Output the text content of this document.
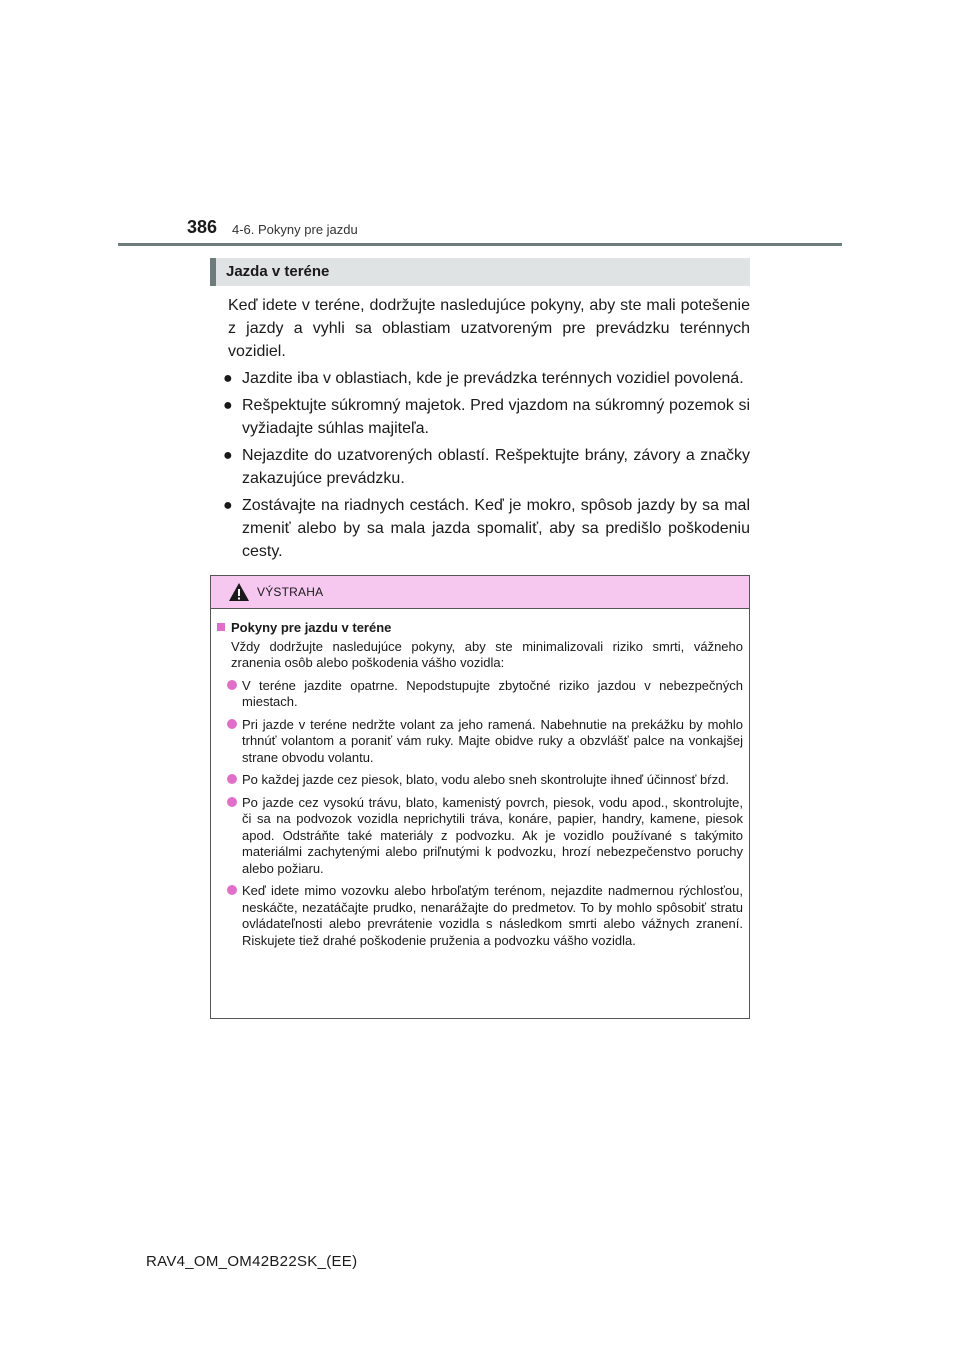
386 4-6. Pokyny pre jazdu
Jazda v teréne

Keď idete v teréne, dodržujte nasledujúce pokyny, aby ste mali potešenie z jazdy a vyhli sa oblastiam uzatvoreným pre prevádzku terénnych vozidiel.

● Jazdite iba v oblastiach, kde je prevádzka terénnych vozidiel povolená.
● Rešpektujte súkromný majetok. Pred vjazdom na súkromný pozemok si vyžiadajte súhlas majiteľa.
● Nejazdite do uzatvorených oblastí. Rešpektujte brány, závory a značky zakazujúce prevádzku.
● Zostávajte na riadnych cestách. Keď je mokro, spôsob jazdy by sa mal zmeniť alebo by sa mala jazda spomaliť, aby sa predišlo poškodeniu cesty.
VÝSTRAHA
Pokyny pre jazdu v teréne
Vždy dodržujte nasledujúce pokyny, aby ste minimalizovali riziko smrti, vážneho zranenia osôb alebo poškodenia vášho vozidla:
V teréne jazdite opatrne. Nepodstupujte zbytočné riziko jazdou v nebezpečných miestach.
Pri jazde v teréne nedržte volant za jeho ramená. Nabehnutie na prekážku by mohlo trhnúť volantom a poraniť vám ruky. Majte obidve ruky a obzvlášť palce na vonkajšej strane obvodu volantu.
Po každej jazde cez piesok, blato, vodu alebo sneh skontrolujte ihneď účinnosť bŕzd.
Po jazde cez vysokú trávu, blato, kamenistý povrch, piesok, vodu apod., skontrolujte, či sa na podvozok vozidla neprichytili tráva, konáre, papier, handry, kamene, piesok apod. Odstráňte také materiály z podvozku. Ak je vozidlo používané s takýmito materiálmi zachytenými alebo priľnutými k podvozku, hrozí nebezpečenstvo poruchy alebo požiaru.
Keď idete mimo vozovku alebo hrboľatým terénom, nejazdite nadmernou rýchlosťou, neskáčte, nezatáčajte prudko, nenarážajte do predmetov. To by mohlo spôsobiť stratu ovládateľnosti alebo prevrátenie vozidla s následkom smrti alebo vážnych zranení. Riskujete tiež drahé poškodenie pruženia a podvozku vášho vozidla.
RAV4_OM_OM42B22SK_(EE)
